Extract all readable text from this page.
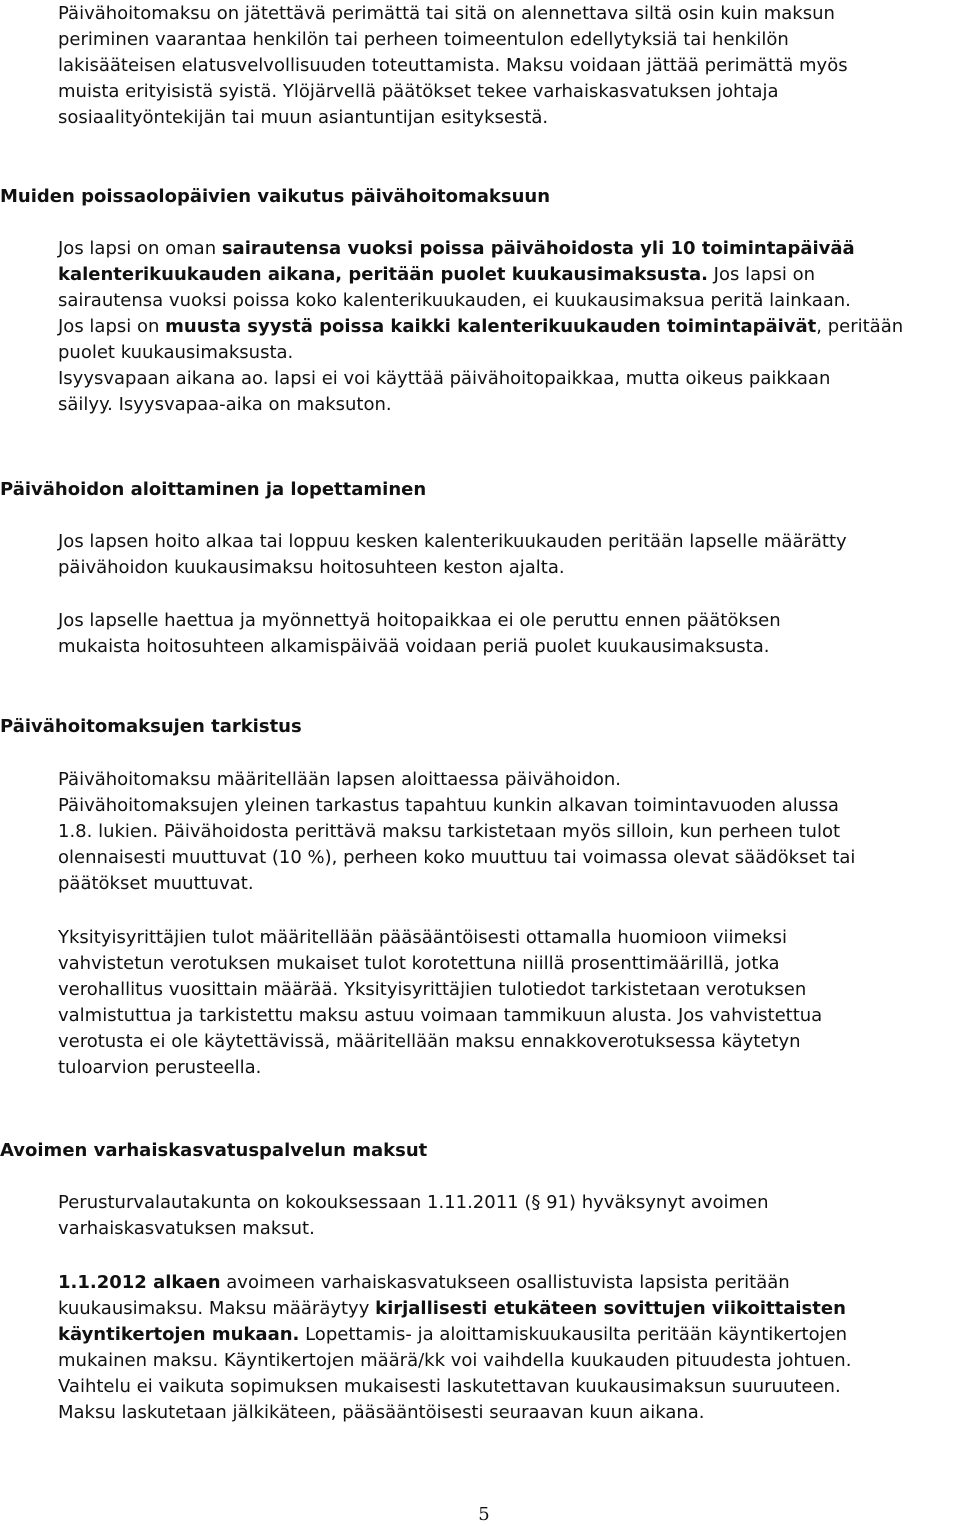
Päivähoitomaksu on jätettävä perimättä tai sitä on alennettava siltä osin kuin maksun
periminen vaarantaa henkilön tai perheen toimeentulon edellytyksiä tai henkilön
lakisääteisen elatusvelvollisuuden toteuttamista. Maksu voidaan jättää perimättä myös
muista erityisistä syistä. Ylöjärvellä päätökset tekee varhaiskasvatuksen johtaja
sosiaalityöntekijän tai muun asiantuntijan esityksestä.
Muiden poissaolopäivien vaikutus päivähoitomaksuun
Jos lapsi on oman sairautensa vuoksi poissa päivähoidosta yli 10 toimintapäivää
kalenterikuukauden aikana, peritään puolet kuukausimaksusta. Jos lapsi on
sairautensa vuoksi poissa koko kalenterikuukauden, ei kuukausimaksua peritä lainkaan.
Jos lapsi on muusta syystä poissa kaikki kalenterikuukauden toimintapäivät, peritään
puolet kuukausimaksusta.
Isyysvapaan aikana ao. lapsi ei voi käyttää päivähoitopaikkaa, mutta oikeus paikkaan
säilyy. Isyysvapaa-aika on maksuton.
Päivähoidon aloittaminen ja lopettaminen
Jos lapsen hoito alkaa tai loppuu kesken kalenterikuukauden peritään lapselle määrätty
päivähoidon kuukausimaksu hoitosuhteen keston ajalta.
Jos lapselle haettua ja myönnettyä hoitopaikkaa ei ole peruttu ennen päätöksen
mukaista hoitosuhteen alkamispäivää voidaan periä puolet kuukausimaksusta.
Päivähoitomaksujen tarkistus
Päivähoitomaksu määritellään lapsen aloittaessa päivähoidon.
Päivähoitomaksujen yleinen tarkastus tapahtuu kunkin alkavan toimintavuoden alussa
1.8. lukien. Päivähoidosta perittävä maksu tarkistetaan myös silloin, kun perheen tulot
olennaisesti muuttuvat (10 %), perheen koko muuttuu tai voimassa olevat säädökset tai
päätökset muuttuvat.
Yksityisyrittäjien tulot määritellään pääsääntöisesti ottamalla huomioon viimeksi
vahvistetun verotuksen mukaiset tulot korotettuna niillä prosenttimäärillä, jotka
verohallitus vuosittain määrää. Yksityisyrittäjien tulotiedot tarkistetaan verotuksen
valmistuttua ja tarkistettu maksu astuu voimaan tammikuun alusta. Jos vahvistettua
verotusta ei ole käytettävissä, määritellään maksu ennakkoverotuksessa käytetyn
tuloarvion perusteella.
Avoimen varhaiskasvatuspalvelun maksut
Perusturvalautakunta on kokouksessaan 1.11.2011 (§ 91) hyväksynyt avoimen
varhaiskasvatuksen maksut.
1.1.2012 alkaen avoimeen varhaiskasvatukseen osallistuvista lapsista peritään
kuukausimaksu. Maksu määräytyy kirjallisesti etukäteen sovittujen viikoittaisten
käyntikertojen mukaan. Lopettamis- ja aloittamiskuukausilta peritään käyntikertojen
mukainen maksu. Käyntikertojen määrä/kk voi vaihdella kuukauden pituudesta johtuen.
Vaihtelu ei vaikuta sopimuksen mukaisesti laskutettavan kuukausimaksun suuruuteen.
Maksu laskutetaan jälkikäteen, pääsääntöisesti seuraavan kuun aikana.
5
